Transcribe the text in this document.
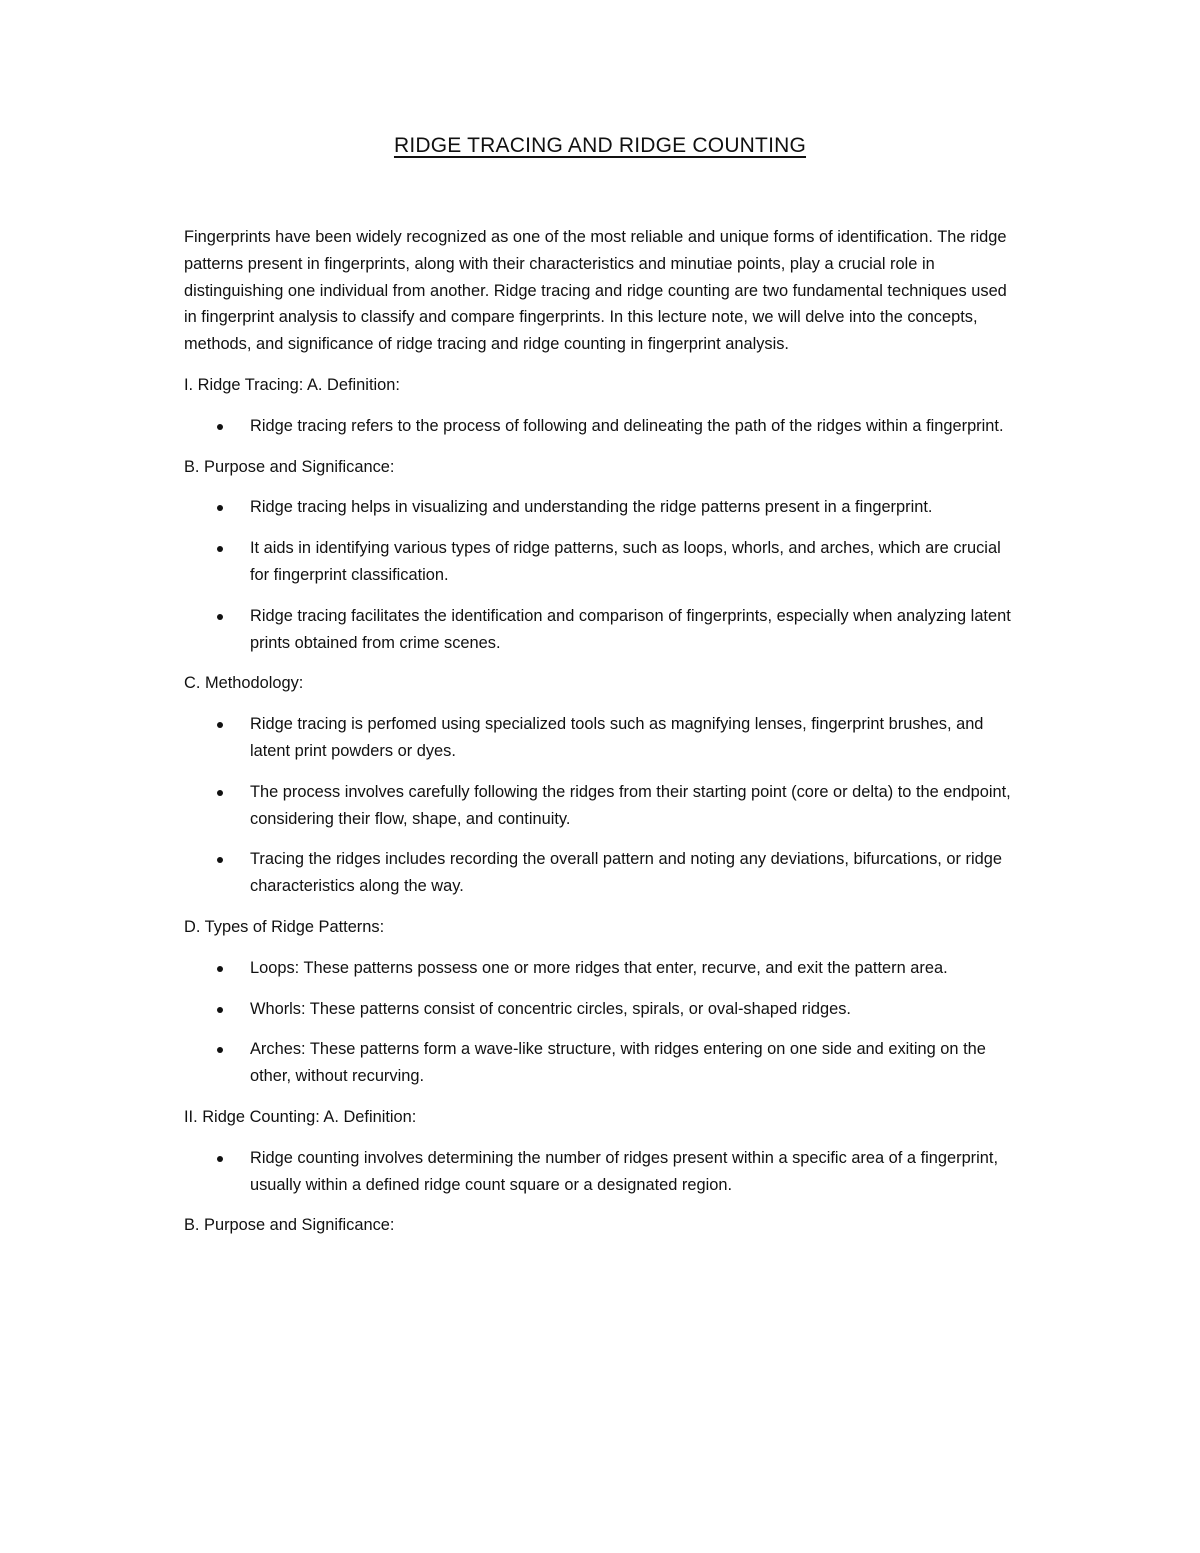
RIDGE TRACING AND RIDGE COUNTING

Fingerprints have been widely recognized as one of the most reliable and unique forms of identification. The ridge patterns present in fingerprints, along with their characteristics and minutiae points, play a crucial role in distinguishing one individual from another. Ridge tracing and ridge counting are two fundamental techniques used in fingerprint analysis to classify and compare fingerprints. In this lecture note, we will delve into the concepts, methods, and significance of ridge tracing and ridge counting in fingerprint analysis.

I. Ridge Tracing: A. Definition:

Ridge tracing refers to the process of following and delineating the path of the ridges within a fingerprint.

B. Purpose and Significance:

Ridge tracing helps in visualizing and understanding the ridge patterns present in a fingerprint.
It aids in identifying various types of ridge patterns, such as loops, whorls, and arches, which are crucial for fingerprint classification.
Ridge tracing facilitates the identification and comparison of fingerprints, especially when analyzing latent prints obtained from crime scenes.

C. Methodology:

Ridge tracing is perfomed using specialized tools such as magnifying lenses, fingerprint brushes, and latent print powders or dyes.
The process involves carefully following the ridges from their starting point (core or delta) to the endpoint, considering their flow, shape, and continuity.
Tracing the ridges includes recording the overall pattern and noting any deviations, bifurcations, or ridge characteristics along the way.

D. Types of Ridge Patterns:

Loops: These patterns possess one or more ridges that enter, recurve, and exit the pattern area.
Whorls: These patterns consist of concentric circles, spirals, or oval-shaped ridges.
Arches: These patterns form a wave-like structure, with ridges entering on one side and exiting on the other, without recurving.

II. Ridge Counting: A. Definition:

Ridge counting involves determining the number of ridges present within a specific area of a fingerprint, usually within a defined ridge count square or a designated region.

B. Purpose and Significance:
